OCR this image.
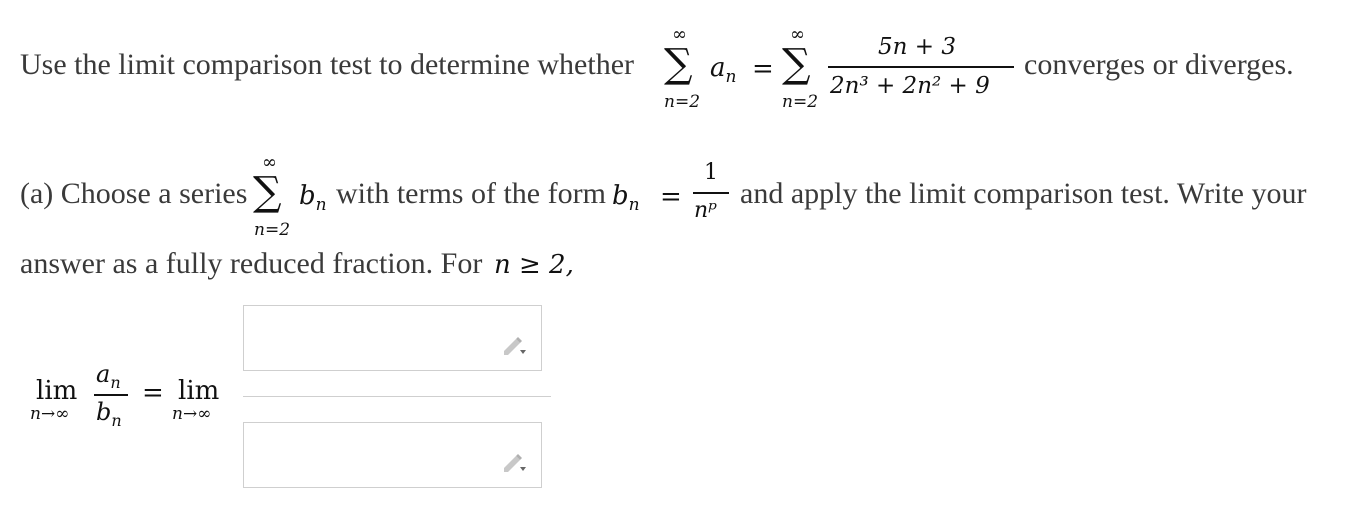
Use the limit comparison test to determine whether
∞
∑
n=2
$a_n$ =
∞
∑
n=2
5n + 3
2n³ + 2n² + 9
converges or diverges.
(a) Choose a series
∞
∑
n=2
$b_n$ with terms of the form $b_n$ =
1
nᵖ
and apply the limit comparison test. Write your
answer as a fully reduced fraction. For n ≥ 2,
lim
n→∞
$a_n$
$b_n$
= lim
n→∞
